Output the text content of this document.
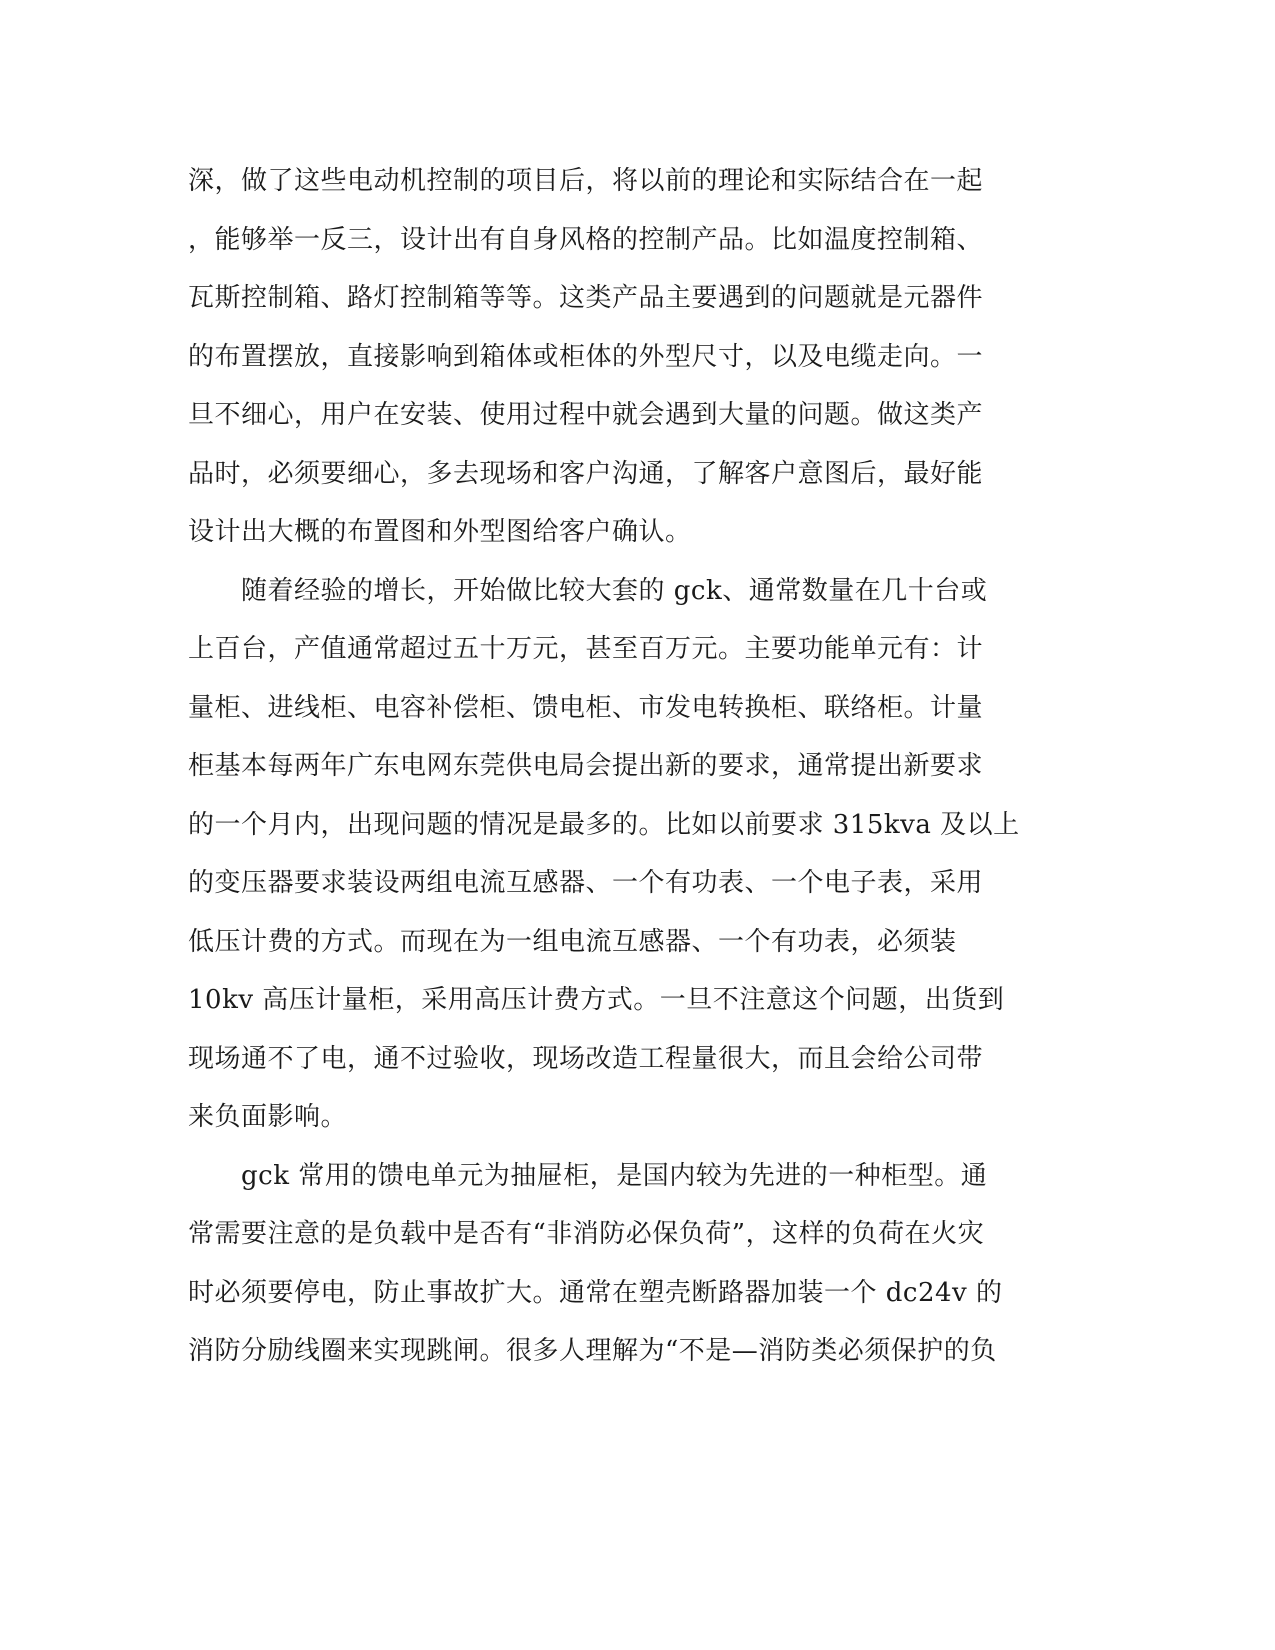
深，做了这些电动机控制的项目后，将以前的理论和实际结合在一起
，能够举一反三，设计出有自身风格的控制产品。比如温度控制箱、
瓦斯控制箱、路灯控制箱等等。这类产品主要遇到的问题就是元器件
的布置摆放，直接影响到箱体或柜体的外型尺寸，以及电缆走向。一
旦不细心，用户在安装、使用过程中就会遇到大量的问题。做这类产
品时，必须要细心，多去现场和客户沟通，了解客户意图后，最好能
设计出大概的布置图和外型图给客户确认。
　　随着经验的增长，开始做比较大套的 gck、通常数量在几十台或
上百台，产值通常超过五十万元，甚至百万元。主要功能单元有：计
量柜、进线柜、电容补偿柜、馈电柜、市发电转换柜、联络柜。计量
柜基本每两年广东电网东莞供电局会提出新的要求，通常提出新要求
的一个月内，出现问题的情况是最多的。比如以前要求 315kva 及以上
的变压器要求装设两组电流互感器、一个有功表、一个电子表，采用
低压计费的方式。而现在为一组电流互感器、一个有功表，必须装
10kv 高压计量柜，采用高压计费方式。一旦不注意这个问题，出货到
现场通不了电，通不过验收，现场改造工程量很大，而且会给公司带
来负面影响。
　　gck 常用的馈电单元为抽屉柜，是国内较为先进的一种柜型。通
常需要注意的是负载中是否有“非消防必保负荷”，这样的负荷在火灾
时必须要停电，防止事故扩大。通常在塑壳断路器加装一个 dc24v 的
消防分励线圈来实现跳闸。很多人理解为“不是—消防类必须保护的负
